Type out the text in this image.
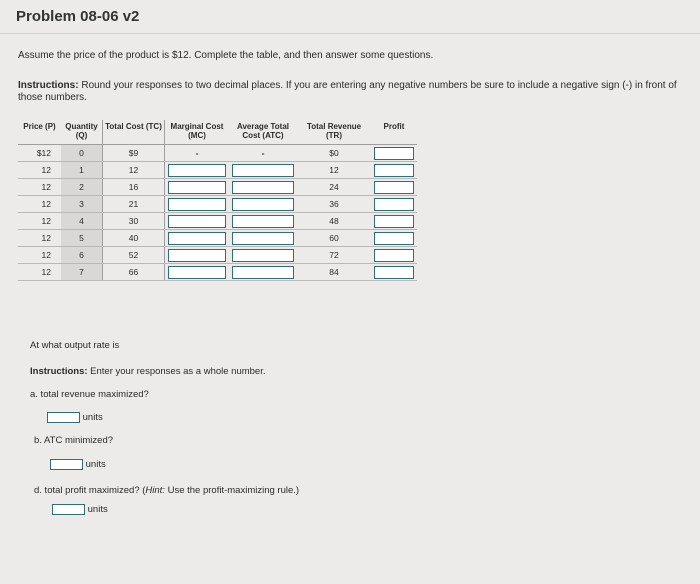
Problem 08-06 v2
Assume the price of the product is $12. Complete the table, and then answer some questions.
Instructions: Round your responses to two decimal places. If you are entering any negative numbers be sure to include a negative sign (-) in front of those numbers.
Price (P)	Quantity (Q)	Total Cost (TC)	Marginal Cost (MC)	Average Total Cost (ATC)	Total Revenue (TR)	Profit
$12	0	$9	-	-	$0	

12	1	12			12	

12	2	16			24	

12	3	21			36	

12	4	30			48	

12	5	40			60	

12	6	52			72	

12	7	66			84	
At what output rate is
Instructions: Enter your responses as a whole number.
a. total revenue maximized?
units
b. ATC minimized?
units
d. total profit maximized? (Hint: Use the profit-maximizing rule.)
units
